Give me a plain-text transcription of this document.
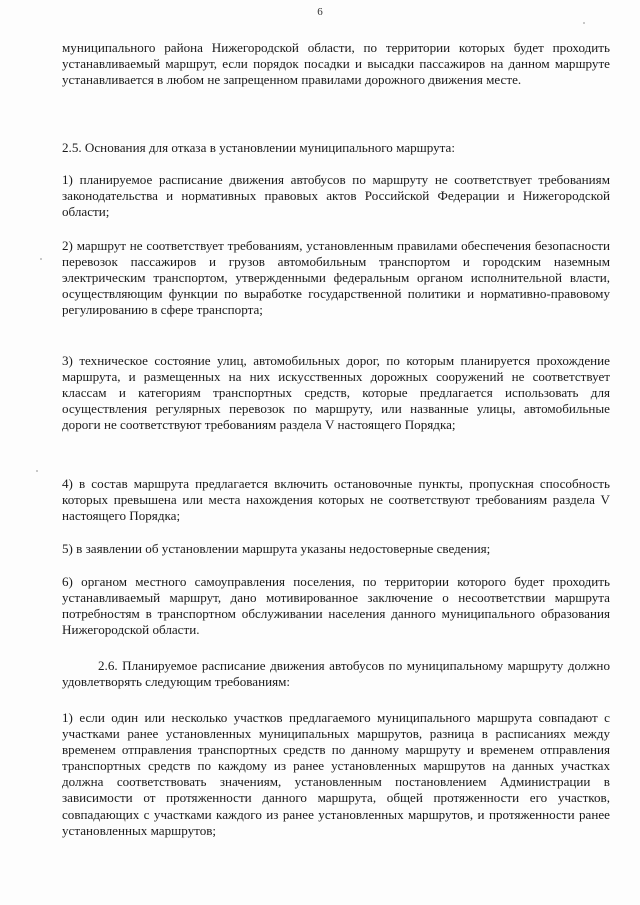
6

муниципального района Нижегородской области, по территории которых будет проходить устанавливаемый маршрут, если порядок посадки и высадки пассажиров на данном маршруте устанавливается в любом не запрещенном правилами дорожного движения месте.

2.5. Основания для отказа в установлении муниципального маршрута:

1) планируемое расписание движения автобусов по маршруту не соответствует требованиям законодательства и нормативных правовых актов Российской Федерации и Нижегородской области;

2) маршрут не соответствует требованиям, установленным правилами обеспечения безопасности перевозок пассажиров и грузов автомобильным транспортом и городским наземным электрическим транспортом, утвержденными федеральным органом исполнительной власти, осуществляющим функции по выработке государственной политики и нормативно-правовому регулированию в сфере транспорта;

3) техническое состояние улиц, автомобильных дорог, по которым планируется прохождение маршрута, и размещенных на них искусственных дорожных сооружений не соответствует классам и категориям транспортных средств, которые предлагается использовать для осуществления регулярных перевозок по маршруту, или названные улицы, автомобильные дороги не соответствуют требованиям раздела V настоящего Порядка;

4) в состав маршрута предлагается включить остановочные пункты, пропускная способность которых превышена или места нахождения которых не соответствуют требованиям раздела V настоящего Порядка;

5) в заявлении об установлении маршрута указаны недостоверные сведения;

6) органом местного самоуправления поселения, по территории которого будет проходить устанавливаемый маршрут, дано мотивированное заключение о несоответствии маршрута потребностям в транспортном обслуживании населения данного муниципального образования Нижегородской области.

2.6. Планируемое расписание движения автобусов по муниципальному маршруту должно удовлетворять следующим требованиям:

1) если один или несколько участков предлагаемого муниципального маршрута совпадают с участками ранее установленных муниципальных маршрутов, разница в расписаниях между временем отправления транспортных средств по данному маршруту и временем отправления транспортных средств по каждому из ранее установленных маршрутов на данных участках должна соответствовать значениям, установленным постановлением Администрации в зависимости от протяженности данного маршрута, общей протяженности его участков, совпадающих с участками каждого из ранее установленных маршрутов, и протяженности ранее установленных маршрутов;
